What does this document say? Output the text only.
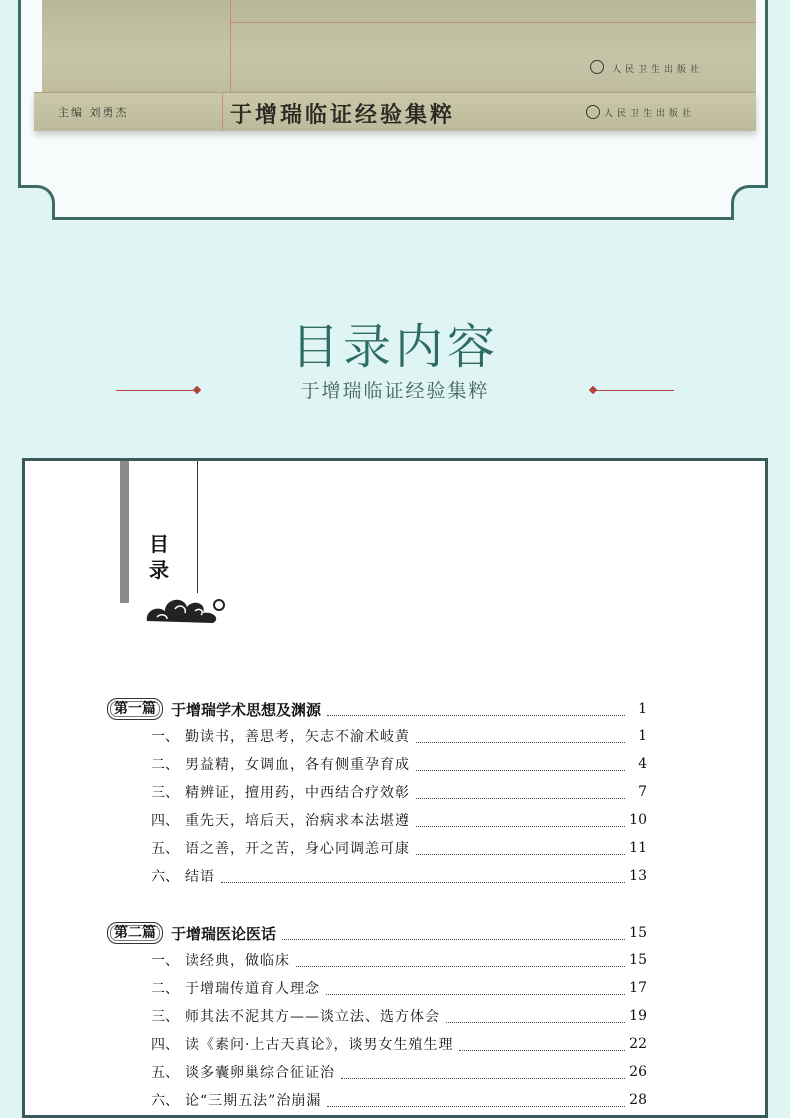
人民卫生出版社
主编 刘勇杰	于增瑞临证经验集粹	人民卫生出版社
目录内容
于增瑞临证经验集粹
目录
第一篇	于增瑞学术思想及渊源	1
一、 勤读书，善思考，矢志不渝术岐黄	1
二、 男益精，女调血，各有侧重孕育成	4
三、 精辨证，擅用药，中西结合疗效彰	7
四、 重先天，培后天，治病求本法堪遵	10
五、 语之善，开之苦，身心同调恙可康	11
六、 结语	13
第二篇	于增瑞医论医话	15
一、 读经典，做临床	15
二、 于增瑞传道育人理念	17
三、 师其法不泥其方——谈立法、选方体会	19
四、 读《素问·上古天真论》，谈男女生殖生理	22
五、 谈多囊卵巢综合征证治	26
六、 论“三期五法”治崩漏	28
